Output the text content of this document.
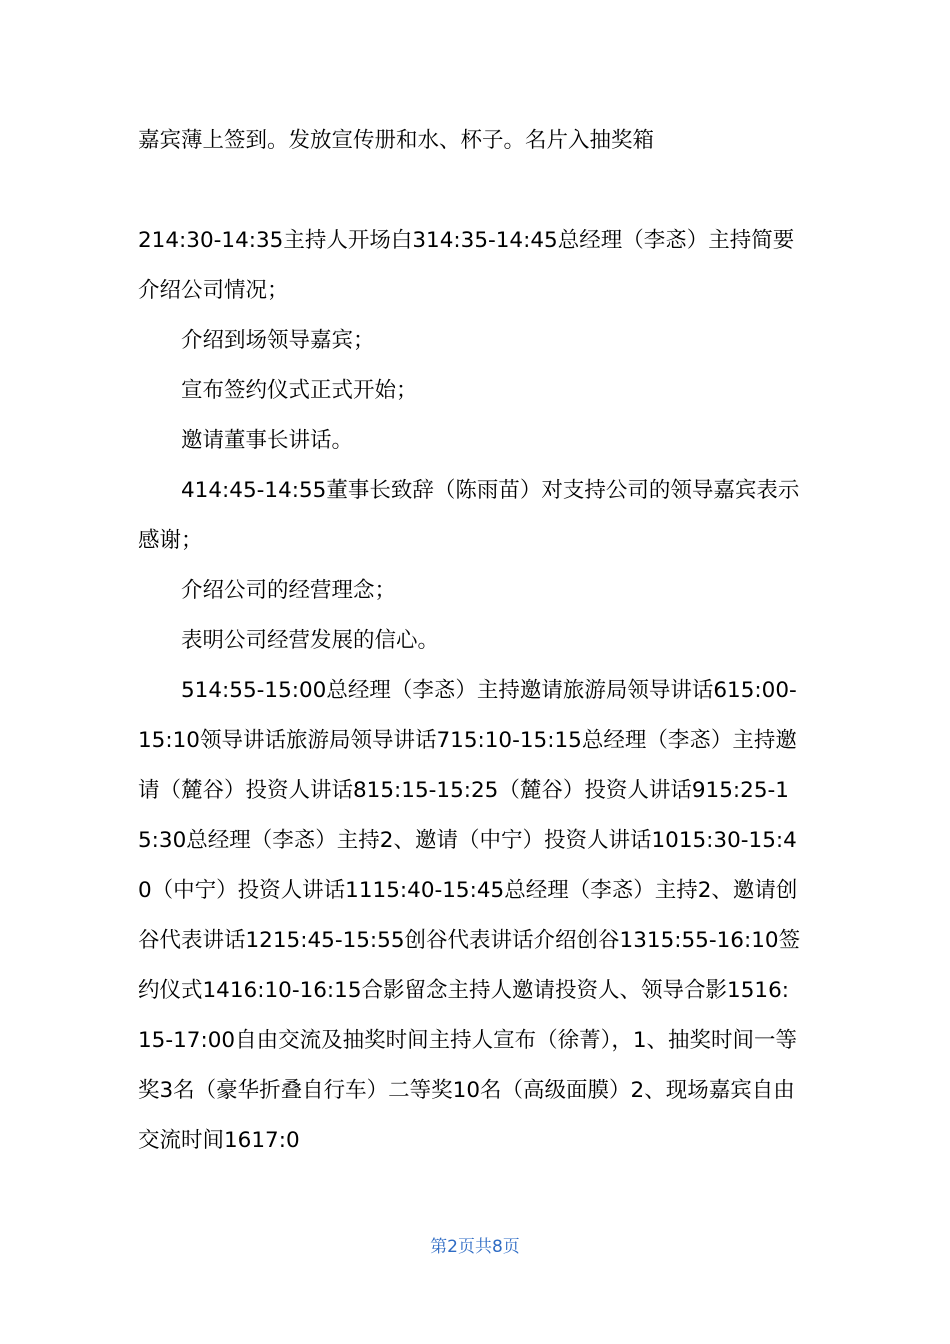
嘉宾薄上签到。发放宣传册和水、杯子。名片入抽奖箱

214:30-14:35主持人开场白314:35-14:45总经理（李忞）主持简要介绍公司情况；

介绍到场领导嘉宾；

宣布签约仪式正式开始；

邀请董事长讲话。

414:45-14:55董事长致辞（陈雨苗）对支持公司的领导嘉宾表示感谢；

介绍公司的经营理念；

表明公司经营发展的信心。

514:55-15:00总经理（李忞）主持邀请旅游局领导讲话615:00-15:10领导讲话旅游局领导讲话715:10-15:15总经理（李忞）主持邀请（麓谷）投资人讲话815:15-15:25（麓谷）投资人讲话915:25-15:30总经理（李忞）主持2、邀请（中宁）投资人讲话1015:30-15:40（中宁）投资人讲话1115:40-15:45总经理（李忞）主持2、邀请创谷代表讲话1215:45-15:55创谷代表讲话介绍创谷1315:55-16:10签约仪式1416:10-16:15合影留念主持人邀请投资人、领导合影1516:15-17:00自由交流及抽奖时间主持人宣布（徐菁），1、抽奖时间一等奖3名（豪华折叠自行车）二等奖10名（高级面膜）2、现场嘉宾自由交流时间1617:0

第2页共8页
